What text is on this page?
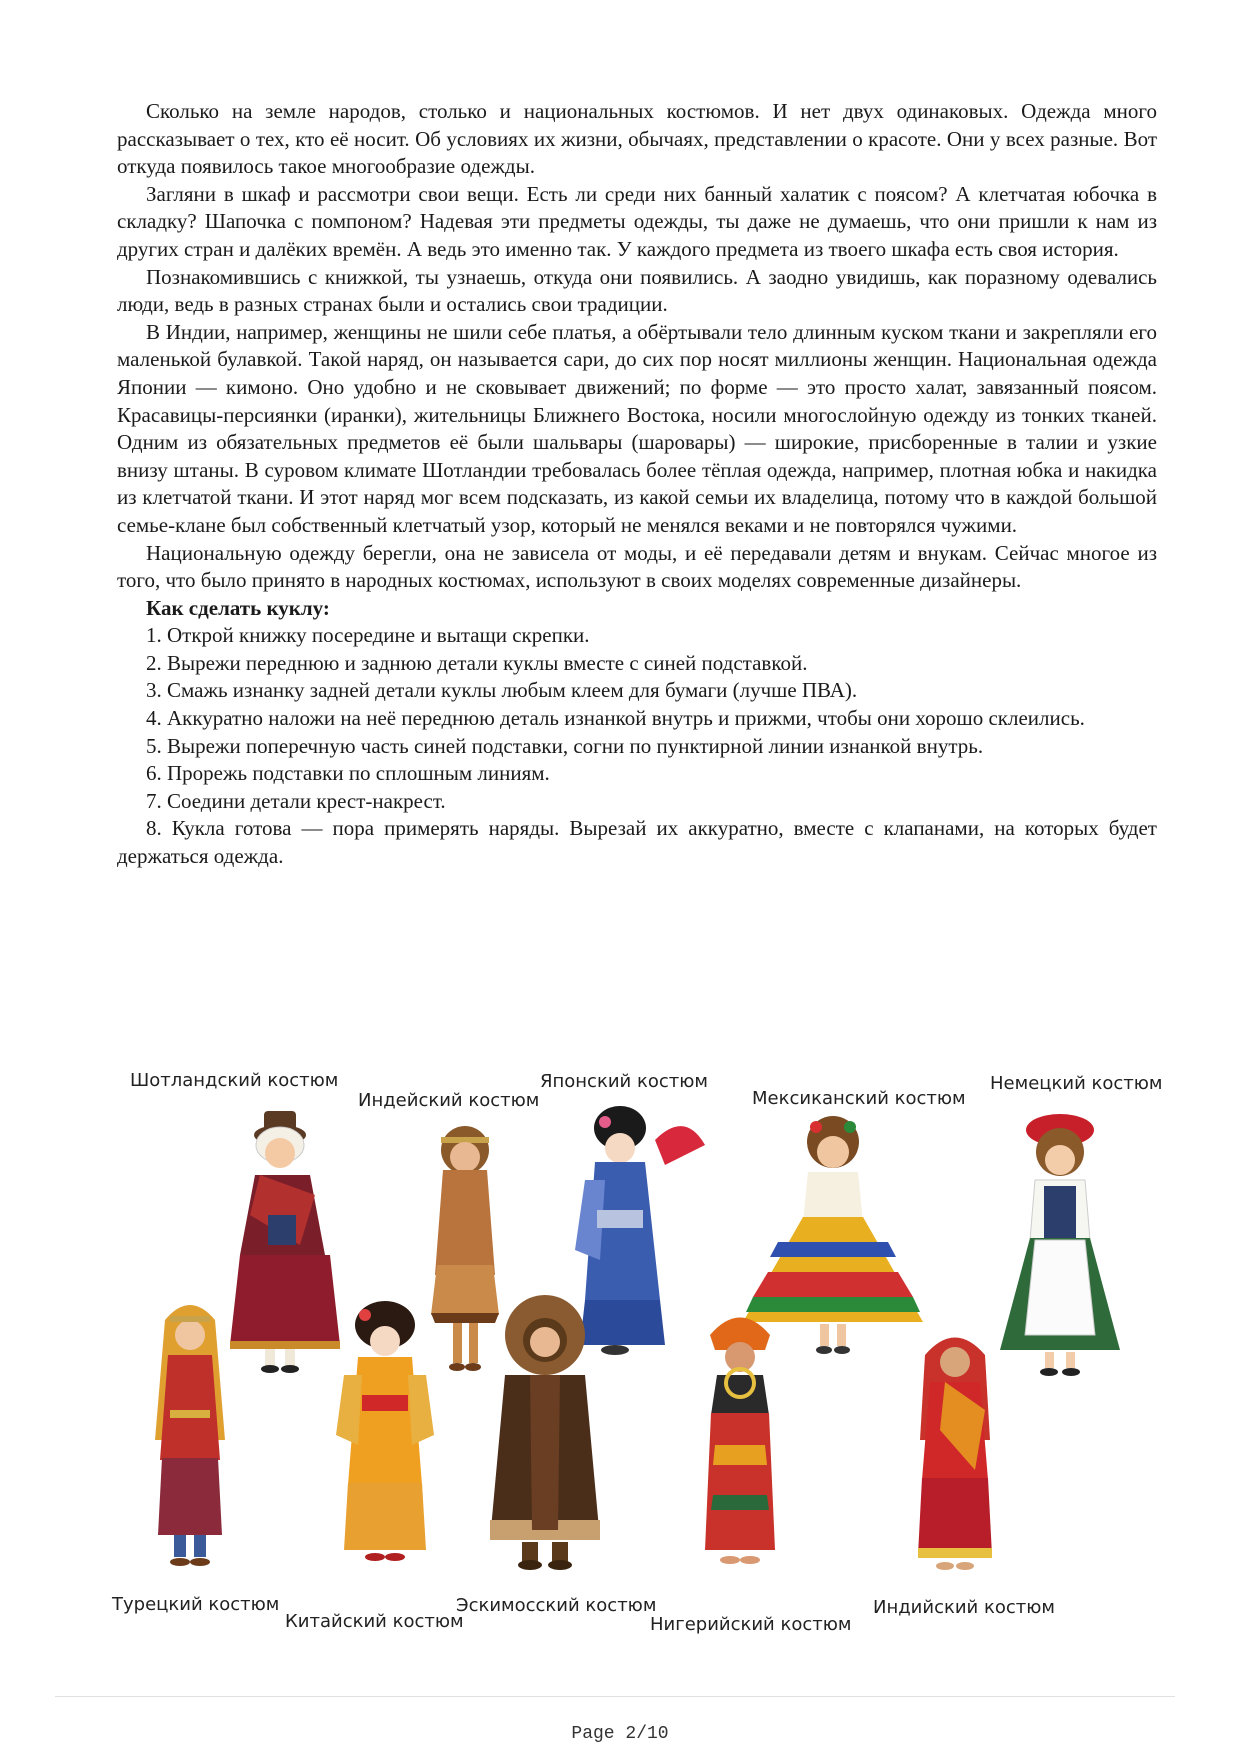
Сколько на земле народов, столько и национальных костюмов. И нет двух одинаковых. Одежда много рассказывает о тех, кто её носит. Об условиях их жизни, обычаях, представлении о красоте. Они у всех разные. Вот откуда появилось такое многообразие одежды.

Загляни в шкаф и рассмотри свои вещи. Есть ли среди них банный халатик с поясом? А клетчатая юбочка в складку? Шапочка с помпоном? Надевая эти предметы одежды, ты даже не думаешь, что они пришли к нам из других стран и далёких времён. А ведь это именно так. У каждого предмета из твоего шкафа есть своя история.

Познакомившись с книжкой, ты узнаешь, откуда они появились. А заодно увидишь, как поразному одевались люди, ведь в разных странах были и остались свои традиции.

В Индии, например, женщины не шили себе платья, а обёртывали тело длинным куском ткани и закрепляли его маленькой булавкой. Такой наряд, он называется сари, до сих пор носят миллионы женщин. Национальная одежда Японии — кимоно. Оно удобно и не сковывает движений; по форме — это просто халат, завязанный поясом. Красавицы-персиянки (иранки), жительницы Ближнего Востока, носили многослойную одежду из тонких тканей. Одним из обязательных предметов её были шальвары (шаровары) — широкие, присборенные в талии и узкие внизу штаны. В суровом климате Шотландии требовалась более тёплая одежда, например, плотная юбка и накидка из клетчатой ткани. И этот наряд мог всем подсказать, из какой семьи их владелица, потому что в каждой большой семье-клане был собственный клетчатый узор, который не менялся веками и не повторялся чужими.

Национальную одежду берегли, она не зависела от моды, и её передавали детям и внукам. Сейчас многое из того, что было принято в народных костюмах, используют в своих моделях современные дизайнеры.

Как сделать куклу:

1. Открой книжку посередине и вытащи скрепки.

2. Вырежи переднюю и заднюю детали куклы вместе с синей подставкой.

3. Смажь изнанку задней детали куклы любым клеем для бумаги (лучше ПВА).

4. Аккуратно наложи на неё переднюю деталь изнанкой внутрь и прижми, чтобы они хорошо склеились.

5. Вырежи поперечную часть синей подставки, согни по пунктирной линии изнанкой внутрь.

6. Прорежь подставки по сплошным линиям.

7. Соедини детали крест-накрест.

8. Кукла готова — пора примерять наряды. Вырезай их аккуратно, вместе с клапанами, на которых будет держаться одежда.

Шотландский костюм
Индейский костюм
Японский костюм
Мексиканский костюм
Немецкий костюм
Турецкий костюм
Китайский костюм
Эскимосский костюм
Нигерийский костюм
Индийский костюм
Page 2/10
